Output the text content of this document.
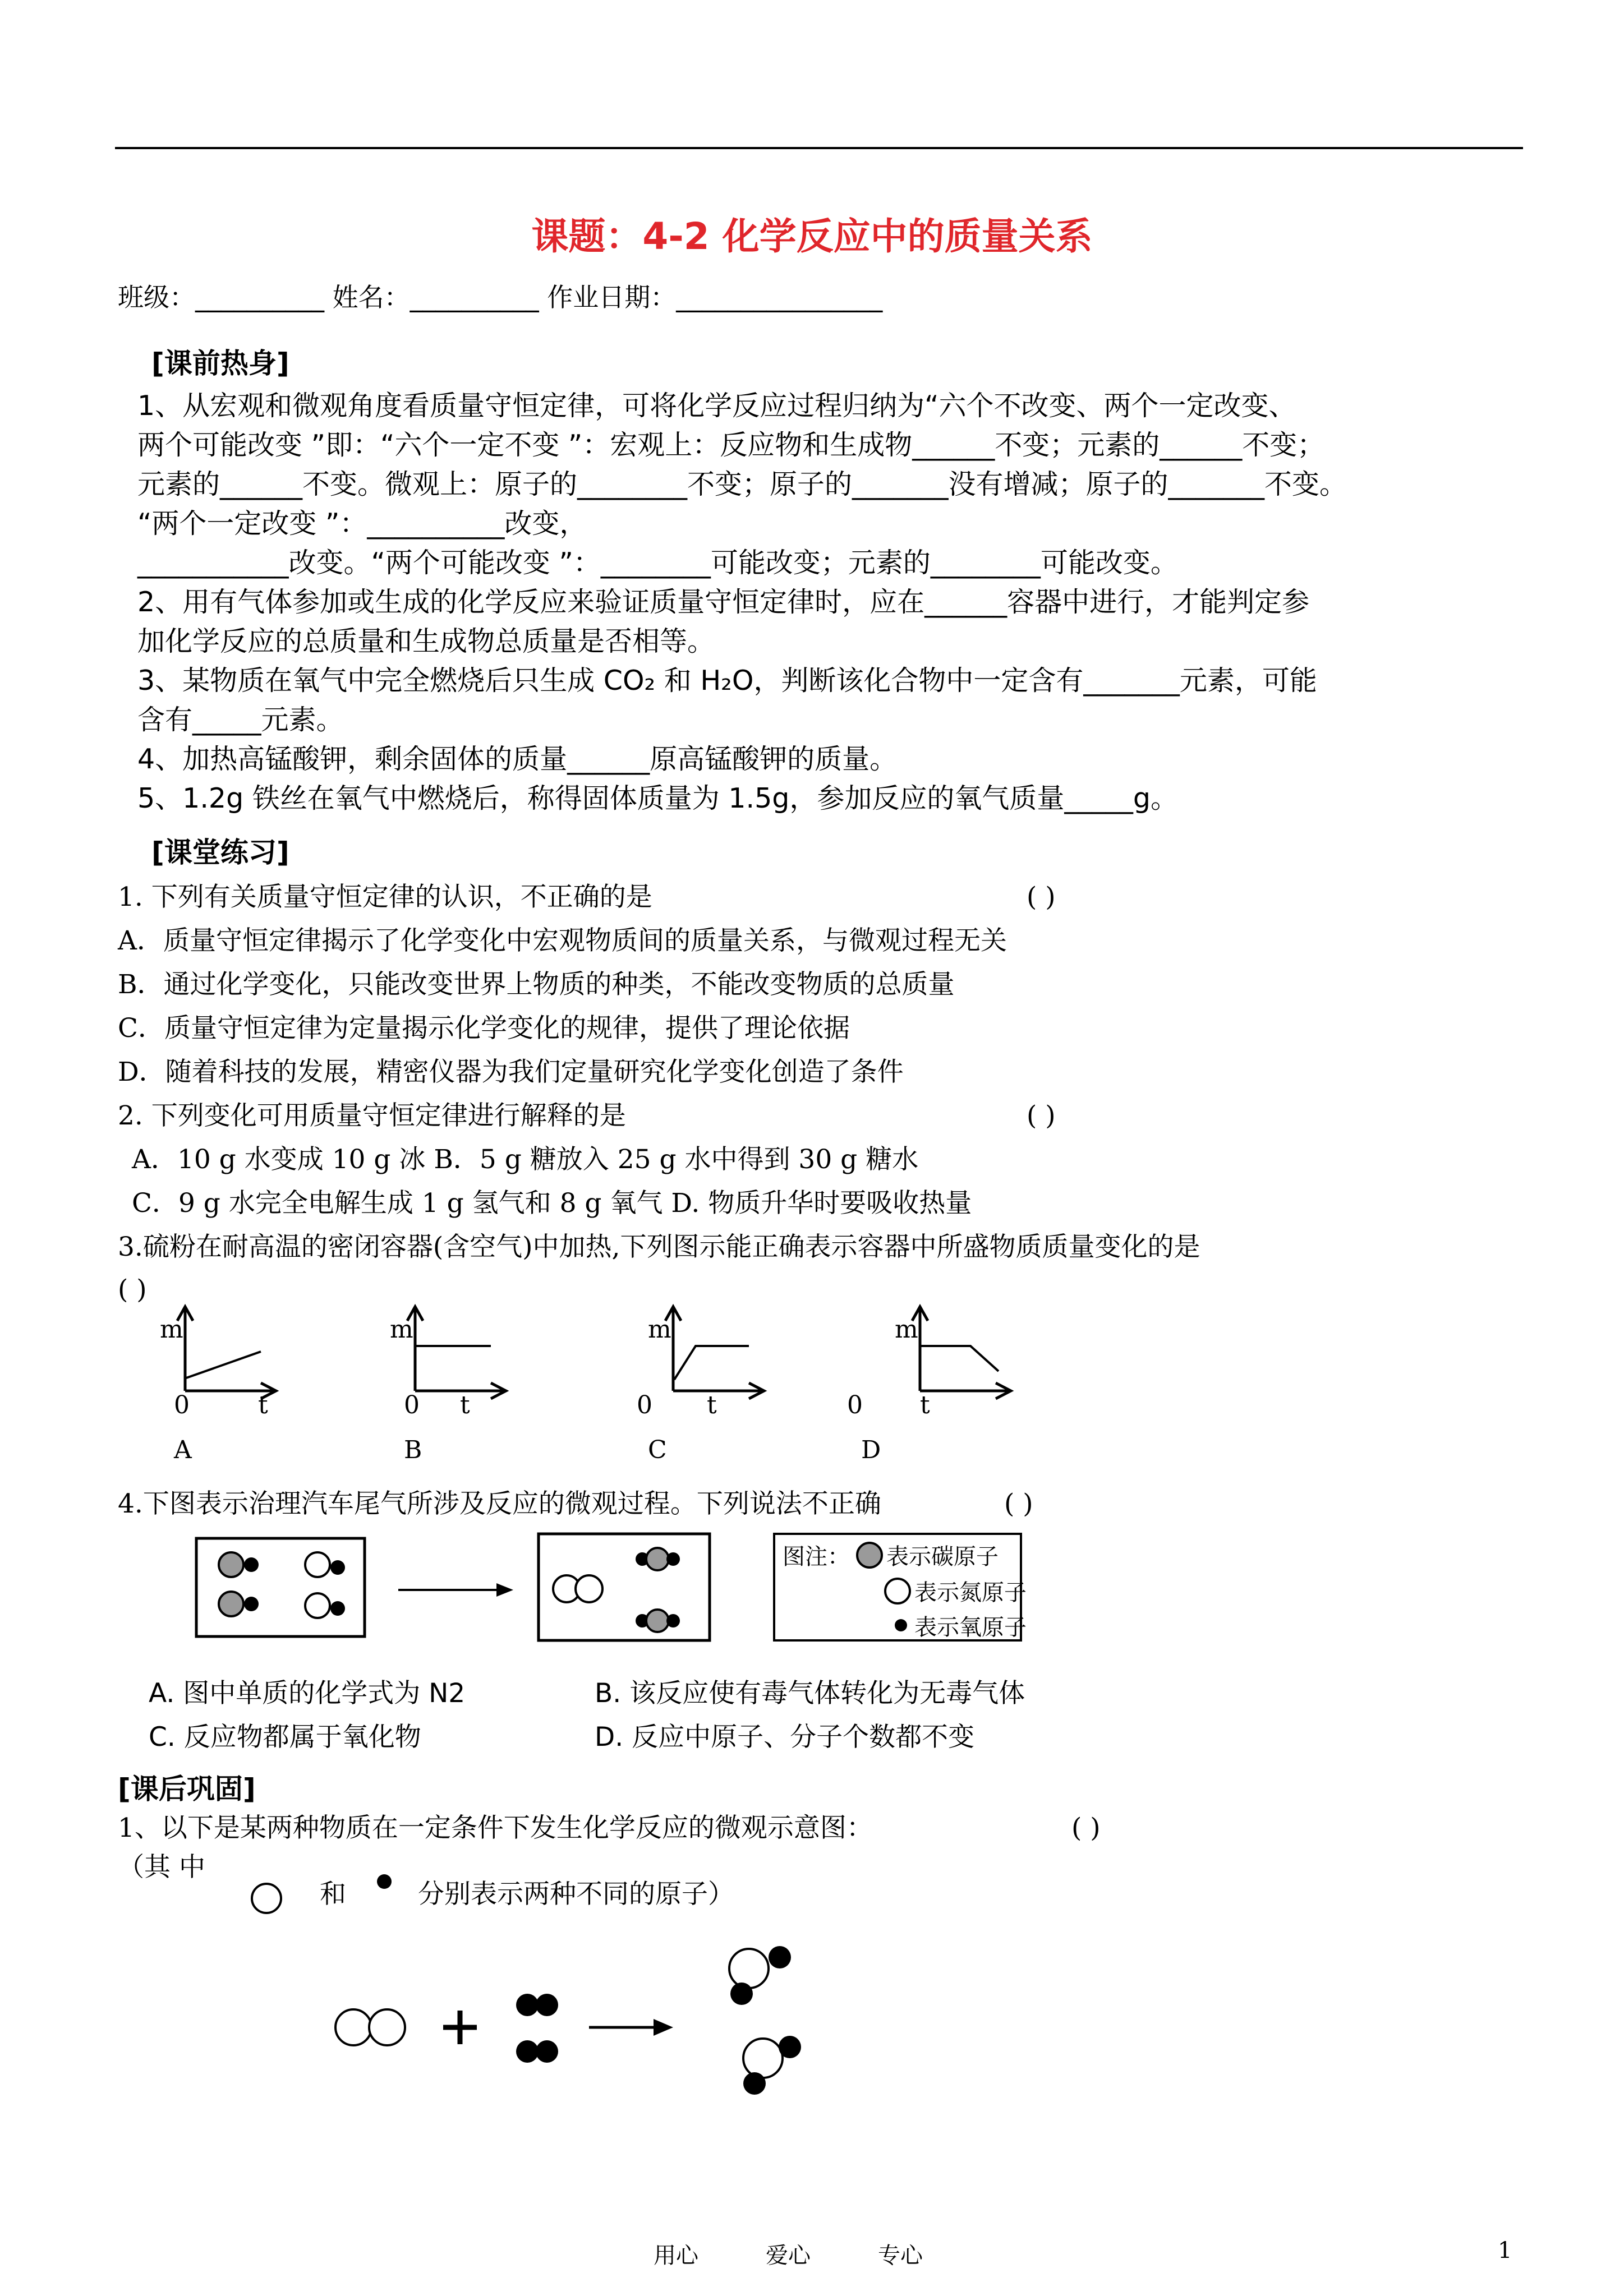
课题：4-2 化学反应中的质量关系
班级：__________ 姓名：__________ 作业日期：________________
[课前热身]
1、从宏观和微观角度看质量守恒定律，可将化学反应过程归纳为“六个不改变、两个一定改变、
两个可能改变 ”即：“六个一定不变 ”：宏观上：反应物和生成物______不变；元素的______不变；
元素的______不变。微观上：原子的________不变；原子的_______没有增减；原子的_______不变。
“两个一定改变 ”：__________改变，
___________改变。“两个可能改变 ”：________可能改变；元素的________可能改变。
2、用有气体参加或生成的化学反应来验证质量守恒定律时，应在______容器中进行，才能判定参
加化学反应的总质量和生成物总质量是否相等。
3、某物质在氧气中完全燃烧后只生成 CO₂ 和 H₂O，判断该化合物中一定含有_______元素，可能
含有_____元素。
4、加热高锰酸钾，剩余固体的质量______原高锰酸钾的质量。
5、1.2g 铁丝在氧气中燃烧后，称得固体质量为 1.5g，参加反应的氧气质量_____g。
[课堂练习]
1. 下列有关质量守恒定律的认识，不正确的是	( )
A．质量守恒定律揭示了化学变化中宏观物质间的质量关系，与微观过程无关
B．通过化学变化，只能改变世界上物质的种类，不能改变物质的总质量
C．质量守恒定律为定量揭示化学变化的规律，提供了理论依据
D．随着科技的发展，精密仪器为我们定量研究化学变化创造了条件
2. 下列变化可用质量守恒定律进行解释的是	( )
A．10 g 水变成 10 g 冰 B．5 g 糖放入 25 g 水中得到 30 g 糖水
C．9 g 水完全电解生成 1 g 氢气和 8 g 氧气 D. 物质升华时要吸收热量
3.硫粉在耐高温的密闭容器(含空气)中加热,下列图示能正确表示容器中所盛物质质量变化的是
( )
m
0	t
A
m
0 t
B
m
0 t
C
m
0 t
D
4.下图表示治理汽车尾气所涉及反应的微观过程。下列说法不正确	( )
图注： 表示碳原子
表示氮原子
表示氧原子
A. 图中单质的化学式为 N2	B. 该反应使有毒气体转化为无毒气体
C. 反应物都属于氧化物	D. 反应中原子、分子个数都不变
[课后巩固]
1、以下是某两种物质在一定条件下发生化学反应的微观示意图：	( )
（其 中
和	分别表示两种不同的原子）
用心	爱心	专心	1
